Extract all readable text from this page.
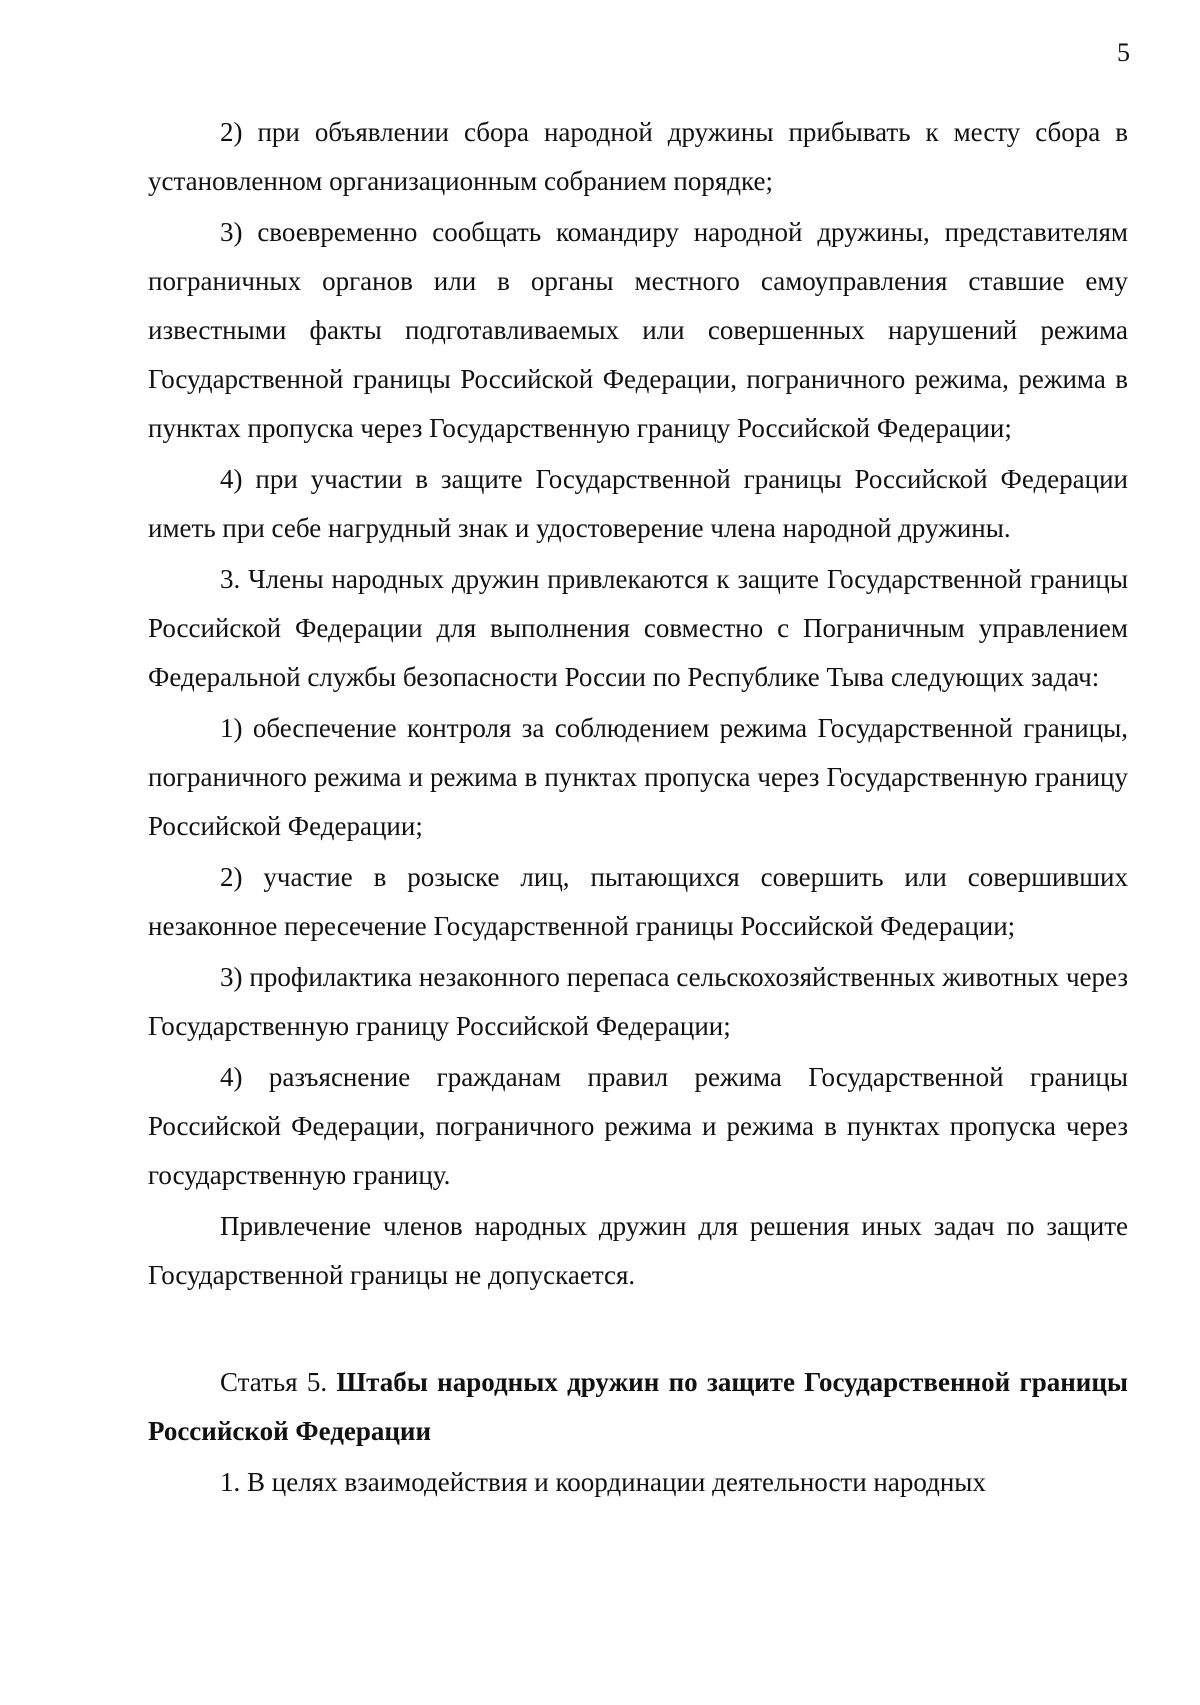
5

2) при объявлении сбора народной дружины прибывать к месту сбора в установленном организационным собранием порядке;

3) своевременно сообщать командиру народной дружины, представителям пограничных органов или в органы местного самоуправления ставшие ему известными факты подготавливаемых или совершенных нарушений режима Государственной границы Российской Федерации, пограничного режима, режима в пунктах пропуска через Государственную границу Российской Федерации;

4) при участии в защите Государственной границы Российской Федерации иметь при себе нагрудный знак и удостоверение члена народной дружины.

3. Члены народных дружин привлекаются к защите Государственной границы Российской Федерации для выполнения совместно с Пограничным управлением Федеральной службы безопасности России по Республике Тыва следующих задач:

1) обеспечение контроля за соблюдением режима Государственной границы, пограничного режима и режима в пунктах пропуска через Государственную границу Российской Федерации;

2) участие в розыске лиц, пытающихся совершить или совершивших незаконное пересечение Государственной границы Российской Федерации;

3) профилактика незаконного перепаса сельскохозяйственных животных через Государственную границу Российской Федерации;

4) разъяснение гражданам правил режима Государственной границы Российской Федерации, пограничного режима и режима в пунктах пропуска через государственную границу.

Привлечение членов народных дружин для решения иных задач по защите Государственной границы не допускается.

Статья 5. Штабы народных дружин по защите Государственной границы Российской Федерации

1. В целях взаимодействия и координации деятельности народных
